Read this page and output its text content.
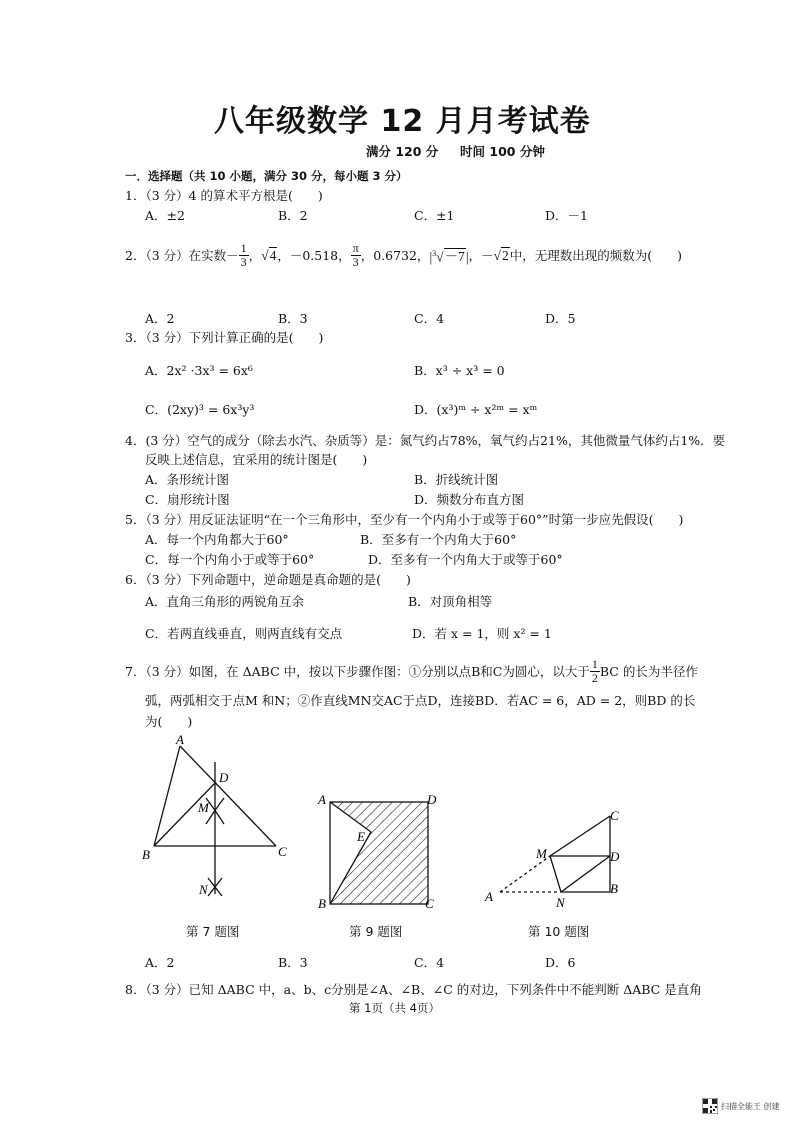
八年级数学 12 月月考试卷
满分 120 分     时间 100 分钟
一．选择题（共 10 小题，满分 30 分，每小题 3 分）
1．（3 分）4 的算术平方根是(　　)
A．±2	B．2	C．±1	D．－1
2．（3 分）在实数－ $\frac{1}{3}$ ， √4 ，－0.518， $\frac{\pi}{3}$ ，0.6732， $|^3√-7|$ ，－ √2 中，无理数出现的频数为(　　)
A．2	B．3	C．4	D．5
3．（3 分）下列计算正确的是(　　)
A．2x² ·3x³ = 6x⁶	B．x³ ÷ x³ = 0
C．(2xy)³ = 6x³y³	D．(x³)ᵐ ÷ x²ᵐ = xᵐ
4．(3 分）空气的成分（除去水汽、杂质等）是：氮气约占78%，氧气约占21%，其他微量气体约占1%．要
反映上述信息，宜采用的统计图是(　　)
A．条形统计图	B．折线统计图
C．扇形统计图	D．频数分布直方图
5．（3 分）用反证法证明“在一个三角形中，至少有一个内角小于或等于60°”时第一步应先假设(　　)
A．每一个内角都大于60°	B．至多有一个内角大于60°
C．每一个内角小于或等于60°	D．至多有一个内角大于或等于60°
6．（3 分）下列命题中，逆命题是真命题的是(　　)
A．直角三角形的两锐角互余	B．对顶角相等
C．若两直线垂直，则两直线有交点	D．若 x = 1，则 x² = 1
7．（3 分）如图，在 ΔABC 中，按以下步骤作图：①分别以点B和C为圆心，以大于 $\frac{1}{2}$ BC 的长为半径作
弧，两弧相交于点M 和N；②作直线MN交AC于点D，连接BD．若AC = 6，AD = 2，则BD 的长
为(　　)
A
B	C
D
M
N
第 7 题图
A	D
B	C
E
第 9 题图
C
D
M
B
A	N
第 10 题图
A．2	B．3	C．4	D．6
8．（3 分）已知 ΔABC 中，a、b、c分别是∠A、∠B、∠C 的对边，下列条件中不能判断 ΔABC 是直角
第 1页（共 4页）
扫描全能王 创建
